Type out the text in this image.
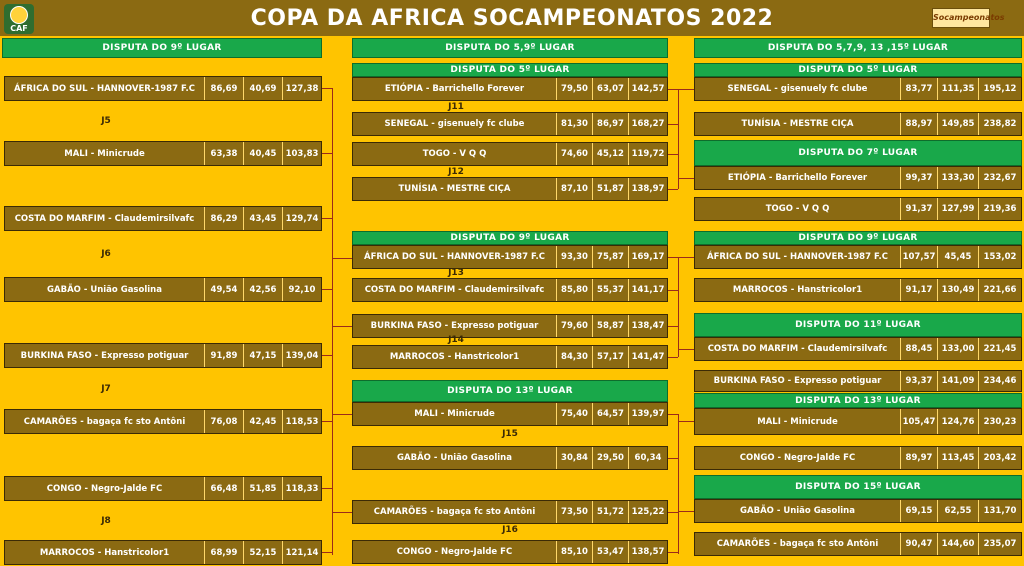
CAF	COPA DA AFRICA SOCAMPEONATOS 2022	Socampeonatos
DISPUTA DO 9º LUGAR	DISPUTA DO 5,9º LUGAR	DISPUTA DO 5,7,9, 13 ,15º LUGAR
ÁFRICA DO SUL - HANNOVER-1987 F.C	86,69	40,69	127,38
J5
MALI - Minicrude	63,38	40,45	103,83
COSTA DO MARFIM - Claudemirsilvafc	86,29	43,45	129,74
J6
GABÃO - União Gasolina	49,54	42,56	92,10
BURKINA FASO - Expresso potiguar	91,89	47,15	139,04
J7
CAMARÕES - bagaça fc sto Antôni	76,08	42,45	118,53
CONGO - Negro-Jalde FC	66,48	51,85	118,33
J8
MARROCOS - Hanstricolor1	68,99	52,15	121,14
DISPUTA DO 5º LUGAR
ETIÓPIA - Barrichello Forever	79,50	63,07 142,57
J11
SENEGAL - gisenuely fc clube	81,30	86,97 168,27
TOGO - V Q Q	74,60	45,12 119,72
J12
TUNÍSIA - MESTRE CIÇA	87,10	51,87 138,97
DISPUTA DO 9º LUGAR
ÁFRICA DO SUL - HANNOVER-1987 F.C	93,30	75,87 169,17
J13
COSTA DO MARFIM - Claudemirsilvafc	85,80	55,37 141,17
BURKINA FASO - Expresso potiguar	79,60	58,87 138,47
J14
MARROCOS - Hanstricolor1	84,30	57,17 141,47
DISPUTA DO 13º LUGAR
MALI - Minicrude	75,40	64,57 139,97
J15
GABÃO - União Gasolina	30,84	29,50	60,34
CAMARÕES - bagaça fc sto Antôni	73,50	51,72 125,22
J16
CONGO - Negro-Jalde FC	85,10	53,47 138,57
DISPUTA DO 5º LUGAR
SENEGAL - gisenuely fc clube	83,77	111,35	195,12
TUNÍSIA - MESTRE CIÇA	88,97	149,85	238,82
DISPUTA DO 7º LUGAR
ETIÓPIA - Barrichello Forever	99,37	133,30	232,67
TOGO - V Q Q	91,37	127,99	219,36
DISPUTA DO 9º LUGAR
ÁFRICA DO SUL - HANNOVER-1987 F.C	107,57	45,45	153,02
MARROCOS - Hanstricolor1	91,17	130,49	221,66
DISPUTA DO 11º LUGAR
COSTA DO MARFIM - Claudemirsilvafc	88,45	133,00	221,45
BURKINA FASO - Expresso potiguar	93,37	141,09	234,46
DISPUTA DO 13º LUGAR
MALI - Minicrude	105,47 124,76	230,23
CONGO - Negro-Jalde FC	89,97	113,45	203,42
DISPUTA DO 15º LUGAR
GABÃO - União Gasolina	69,15	62,55	131,70
CAMARÕES - bagaça fc sto Antôni	90,47	144,60	235,07
